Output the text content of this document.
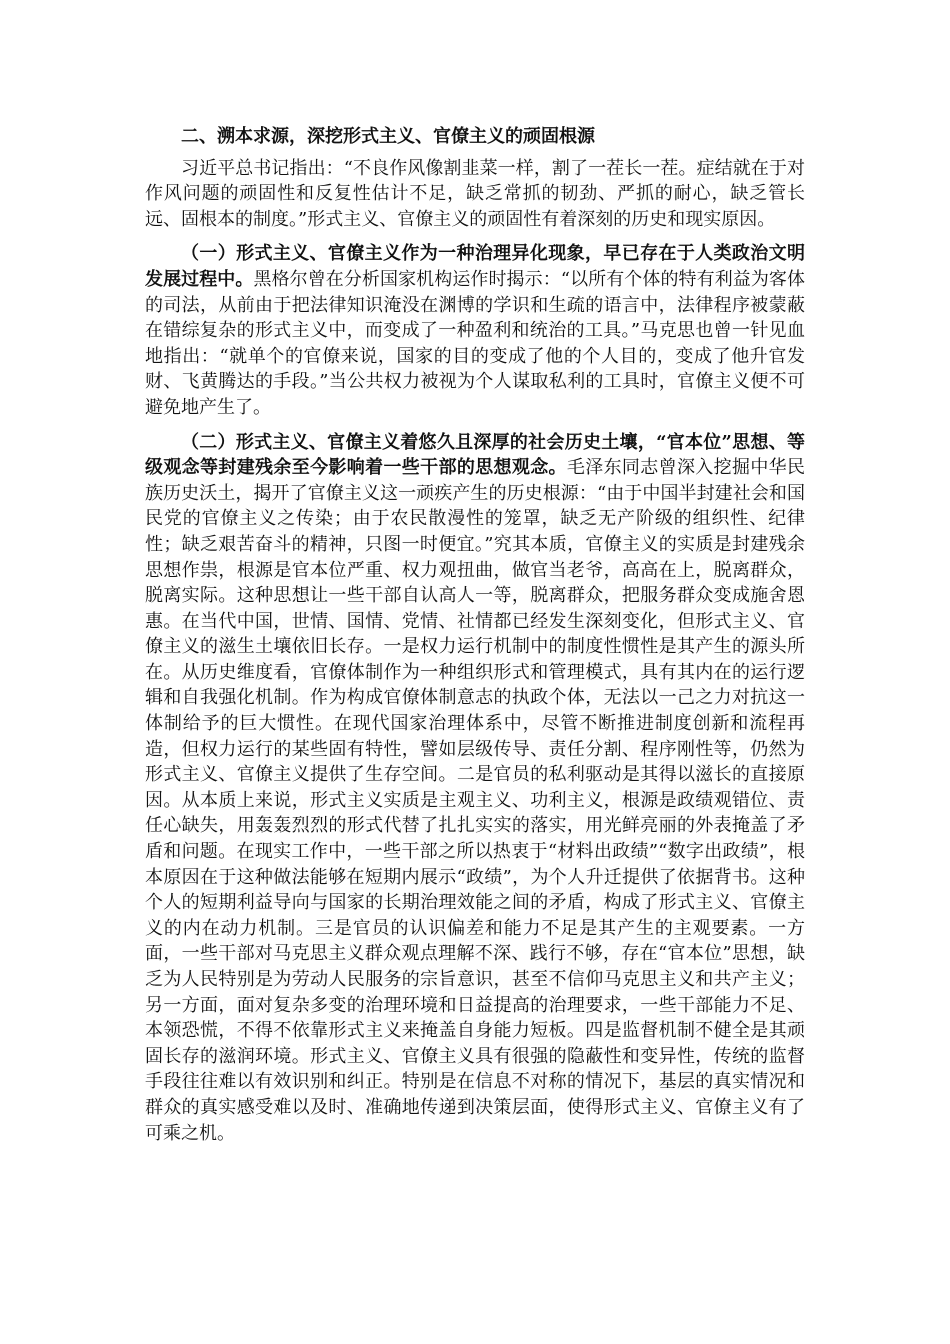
二、溯本求源，深挖形式主义、官僚主义的顽固根源

习近平总书记指出：“不良作风像割韭菜一样，割了一茬长一茬。症结就在于对作风问题的顽固性和反复性估计不足，缺乏常抓的韧劲、严抓的耐心，缺乏管长远、固根本的制度。”形式主义、官僚主义的顽固性有着深刻的历史和现实原因。

（一）形式主义、官僚主义作为一种治理异化现象，早已存在于人类政治文明发展过程中。黑格尔曾在分析国家机构运作时揭示：“以所有个体的特有利益为客体的司法，从前由于把法律知识淹没在渊博的学识和生疏的语言中，法律程序被蒙蔽在错综复杂的形式主义中，而变成了一种盈利和统治的工具。”马克思也曾一针见血地指出：“就单个的官僚来说，国家的目的变成了他的个人目的，变成了他升官发财、飞黄腾达的手段。”当公共权力被视为个人谋取私利的工具时，官僚主义便不可避免地产生了。

（二）形式主义、官僚主义着悠久且深厚的社会历史土壤，“官本位”思想、等级观念等封建残余至今影响着一些干部的思想观念。毛泽东同志曾深入挖掘中华民族历史沃土，揭开了官僚主义这一顽疾产生的历史根源：“由于中国半封建社会和国民党的官僚主义之传染；由于农民散漫性的笼罩，缺乏无产阶级的组织性、纪律性；缺乏艰苦奋斗的精神，只图一时便宜。”究其本质，官僚主义的实质是封建残余思想作祟，根源是官本位严重、权力观扭曲，做官当老爷，高高在上，脱离群众，脱离实际。这种思想让一些干部自认高人一等，脱离群众，把服务群众变成施舍恩惠。在当代中国，世情、国情、党情、社情都已经发生深刻变化，但形式主义、官僚主义的滋生土壤依旧长存。一是权力运行机制中的制度性惯性是其产生的源头所在。从历史维度看，官僚体制作为一种组织形式和管理模式，具有其内在的运行逻辑和自我强化机制。作为构成官僚体制意志的执政个体，无法以一己之力对抗这一体制给予的巨大惯性。在现代国家治理体系中，尽管不断推进制度创新和流程再造，但权力运行的某些固有特性，譬如层级传导、责任分割、程序刚性等，仍然为形式主义、官僚主义提供了生存空间。二是官员的私利驱动是其得以滋长的直接原因。从本质上来说，形式主义实质是主观主义、功利主义，根源是政绩观错位、责任心缺失，用轰轰烈烈的形式代替了扎扎实实的落实，用光鲜亮丽的外表掩盖了矛盾和问题。在现实工作中，一些干部之所以热衷于“材料出政绩”“数字出政绩”，根本原因在于这种做法能够在短期内展示“政绩”，为个人升迁提供了依据背书。这种个人的短期利益导向与国家的长期治理效能之间的矛盾，构成了形式主义、官僚主义的内在动力机制。三是官员的认识偏差和能力不足是其产生的主观要素。一方面，一些干部对马克思主义群众观点理解不深、践行不够，存在“官本位”思想，缺乏为人民特别是为劳动人民服务的宗旨意识，甚至不信仰马克思主义和共产主义；另一方面，面对复杂多变的治理环境和日益提高的治理要求，一些干部能力不足、本领恐慌，不得不依靠形式主义来掩盖自身能力短板。四是监督机制不健全是其顽固长存的滋润环境。形式主义、官僚主义具有很强的隐蔽性和变异性，传统的监督手段往往难以有效识别和纠正。特别是在信息不对称的情况下，基层的真实情况和群众的真实感受难以及时、准确地传递到决策层面，使得形式主义、官僚主义有了可乘之机。
